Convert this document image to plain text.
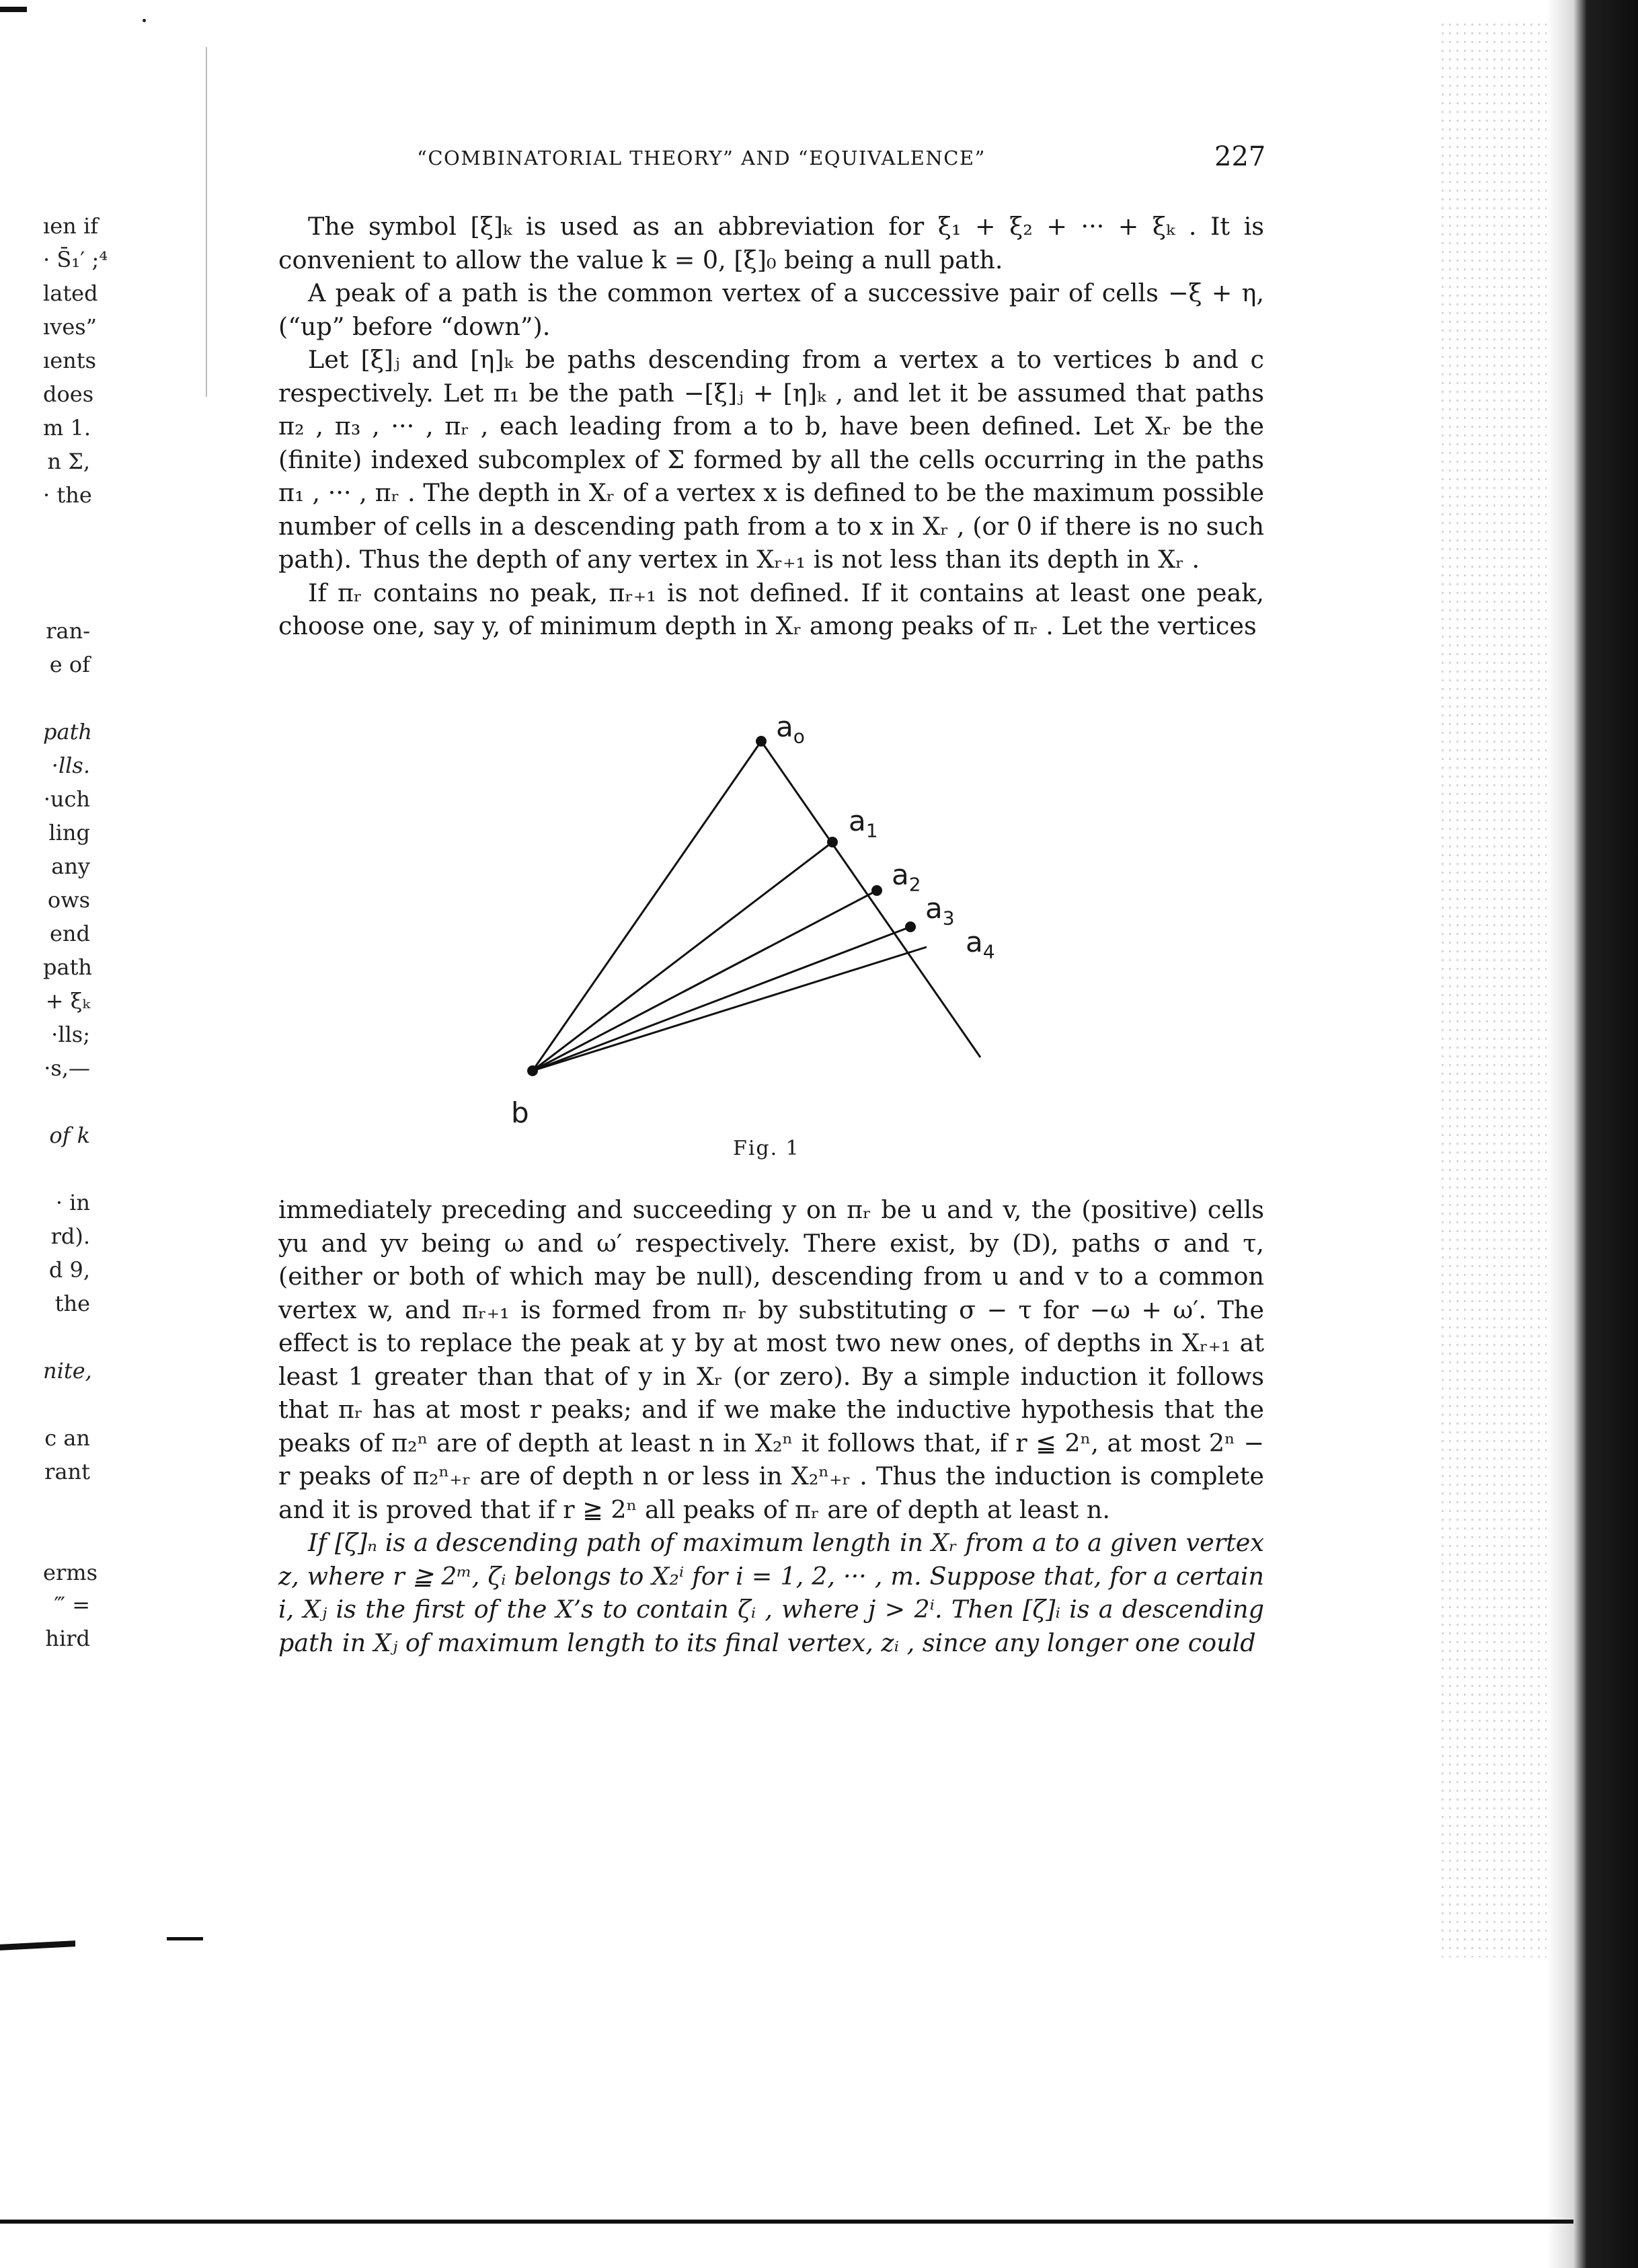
ıen if
· S̄₁′ ;⁴
lated
ıves”
ıents
does
m 1.
n Σ,
· the
ran-
e of
path
·lls.
·uch
ling
any
ows
end
path
+ ξₖ
·lls;
·s,—
of k
· in
rd).
d 9,
the
nite,
c an
rant
erms
‴ =
hird
“COMBINATORIAL THEORY” AND “EQUIVALENCE”	227

The symbol [ξ]ₖ is used as an abbreviation for ξ₁ + ξ₂ + ··· + ξₖ . It is convenient to allow the value k = 0, [ξ]₀ being a null path.

A peak of a path is the common vertex of a successive pair of cells −ξ + η, (“up” before “down”).

Let [ξ]ⱼ and [η]ₖ be paths descending from a vertex a to vertices b and c respectively. Let π₁ be the path −[ξ]ⱼ + [η]ₖ , and let it be assumed that paths π₂ , π₃ , ··· , πᵣ , each leading from a to b, have been defined. Let Xᵣ be the (finite) indexed subcomplex of Σ formed by all the cells occurring in the paths π₁ , ··· , πᵣ . The depth in Xᵣ of a vertex x is defined to be the maximum possible number of cells in a descending path from a to x in Xᵣ , (or 0 if there is no such path). Thus the depth of any vertex in Xᵣ₊₁ is not less than its depth in Xᵣ .

If πᵣ contains no peak, πᵣ₊₁ is not defined. If it contains at least one peak, choose one, say y, of minimum depth in Xᵣ among peaks of πᵣ . Let the vertices

$a_o$
$a_1$
$a_2$
$a_3$
$a_4$
b
Fig. 1

immediately preceding and succeeding y on πᵣ be u and v, the (positive) cells yu and yv being ω and ω′ respectively. There exist, by (D), paths σ and τ, (either or both of which may be null), descending from u and v to a common vertex w, and πᵣ₊₁ is formed from πᵣ by substituting σ − τ for −ω + ω′. The effect is to replace the peak at y by at most two new ones, of depths in Xᵣ₊₁ at least 1 greater than that of y in Xᵣ (or zero). By a simple induction it follows that πᵣ has at most r peaks; and if we make the inductive hypothesis that the peaks of π₂ⁿ are of depth at least n in X₂ⁿ it follows that, if r ≦ 2ⁿ, at most 2ⁿ − r peaks of π₂ⁿ₊ᵣ are of depth n or less in X₂ⁿ₊ᵣ . Thus the induction is complete and it is proved that if r ≧ 2ⁿ all peaks of πᵣ are of depth at least n.

If [ζ]ₙ is a descending path of maximum length in Xᵣ from a to a given vertex z, where r ≧ 2ᵐ, ζᵢ belongs to X₂ⁱ for i = 1, 2, ··· , m. Suppose that, for a certain i, Xⱼ is the first of the X’s to contain ζᵢ , where j > 2ⁱ. Then [ζ]ᵢ is a descending path in Xⱼ of maximum length to its final vertex, zᵢ , since any longer one could
